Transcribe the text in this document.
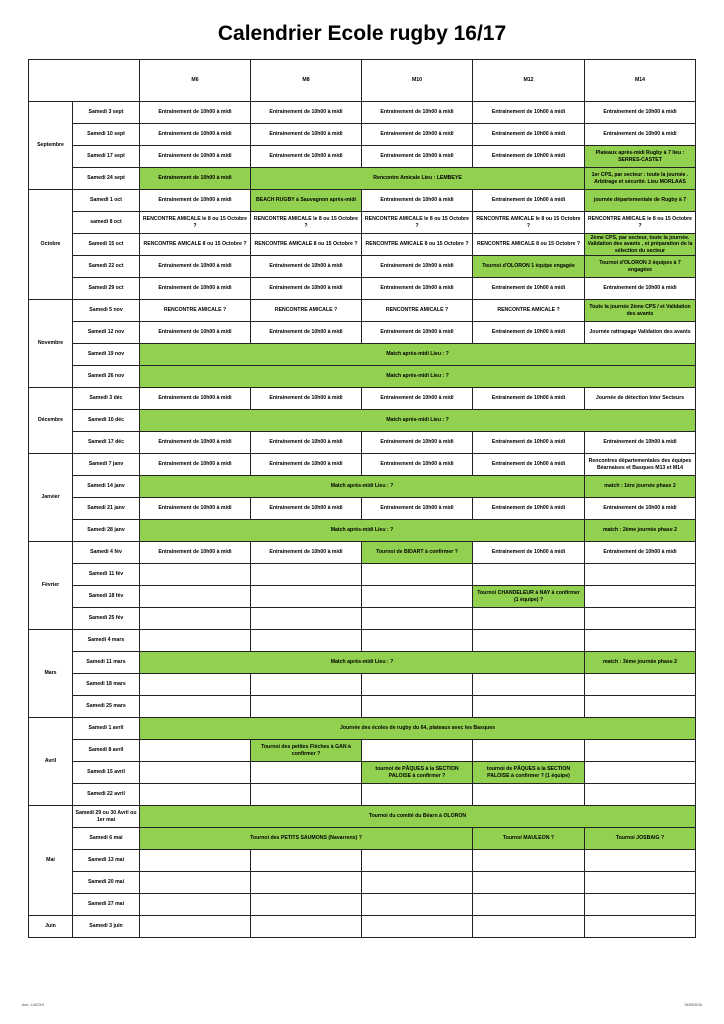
Calendrier Ecole rugby 16/17
		M6	M8	M10	M12	M14
Septembre	Samedi 3 sept	Entrainement de 10h00 à midi	Entrainement de 10h00 à midi	Entrainement de 10h00 à midi	Entrainement de 10h00 à midi	Entrainement de 10h00 à midi
	Samedi 10 sept	Entrainement de 10h00 à midi	Entrainement de 10h00 à midi	Entrainement de 10h00 à midi	Entrainement de 10h00 à midi	Entrainement de 10h00 à midi
	Samedi 17 sept	Entrainement de 10h00 à midi	Entrainement de 10h00 à midi	Entrainement de 10h00 à midi	Entrainement de 10h00 à midi	Plateaux après-midi Rugby à 7 lieu : SERRES-CASTET
	Samedi 24 sept	Entrainement de 10h00 à midi	Rencontre Amicale Lieu : LEMBEYE			1er CPS, par secteur : toute la journée . Arbitrage et sécurité. Lieu MORLAAS
Octobre	Samedi 1 oct	Entrainement de 10h00 à midi	BEACH RUGBY à Sauvagnon après-midi	Entrainement de 10h00 à midi	Entrainement de 10h00 à midi	journée départementale de Rugby à 7
	samedi 8 oct	RENCONTRE AMICALE le 8 ou 15 Octobre ?	RENCONTRE AMICALE le 8 ou 15 Octobre ?	RENCONTRE AMICALE le 8 ou 15 Octobre ?	RENCONTRE AMICALE le 8 ou 15 Octobre ?	RENCONTRE AMICALE le 8 ou 15 Octobre ?
	Samedi 15 oct	RENCONTRE AMICALE 8 ou 15 Octobre ?	RENCONTRE AMICALE 8 ou 15 Octobre ?	RENCONTRE AMICALE 8 ou 15 Octobre ?	RENCONTRE AMICALE 8 ou 15 Octobre ?	2ème CPS, par secteur, toute la journée. Validation des avants , et préparation de la sélection du secteur
	Samedi 22 oct	Entrainement de 10h00 à midi	Entrainement de 10h00 à midi	Entrainement de 10h00 à midi	Tournoi d'OLORON 1 équipe engagée	Tournoi d'OLORON 2 équipes à 7 engagées
	Samedi 29 oct	Entrainement de 10h00 à midi	Entrainement de 10h00 à midi	Entrainement de 10h00 à midi	Entrainement de 10h00 à midi	Entrainement de 10h00 à midi
Novembre	Samedi 5 nov	RENCONTRE AMICALE ?	RENCONTRE AMICALE ?	RENCONTRE AMICALE ?	RENCONTRE AMICALE ?	Toute la journée 2ème CPS / et Validation des avants
	Samedi 12 nov	Entrainement de 10h00 à midi	Entrainement de 10h00 à midi	Entrainement de 10h00 à midi	Entrainement de 10h00 à midi	Journée rattrapage Validation des avants
	Samedi 19 nov	Match après-midi Lieu : ?				
	Samedi 26 nov	Match après-midi Lieu : ?				
Décembre	Samedi 3 déc	Entrainement de 10h00 à midi	Entrainement de 10h00 à midi	Entrainement de 10h00 à midi	Entrainement de 10h00 à midi	Journée de détection Inter Secteurs
	Samedi 10 déc	Match après-midi Lieu : ?				
	Samedi 17 déc	Entrainement de 10h00 à midi	Entrainement de 10h00 à midi	Entrainement de 10h00 à midi	Entrainement de 10h00 à midi	Entrainement de 10h00 à midi
Janvier	Samedi 7 janv	Entrainement de 10h00 à midi	Entrainement de 10h00 à midi	Entrainement de 10h00 à midi	Entrainement de 10h00 à midi	Rencontres départementales des équipes Béarnaises et Basques M13 et M14
	Samedi 14 janv	Match après-midi Lieu : ?				match : 1ère journée phase 2
	Samedi 21 janv	Entrainement de 10h00 à midi	Entrainement de 10h00 à midi	Entrainement de 10h00 à midi	Entrainement de 10h00 à midi	Entrainement de 10h00 à midi
	Samedi 28 janv	Match après-midi Lieu : ?				match : 2ème journée phase 2
Février	Samedi 4 fév	Entrainement de 10h00 à midi	Entrainement de 10h00 à midi	Tournoi de BIDART à confirmer ?	Entrainement de 10h00 à midi	Entrainement de 10h00 à midi
	Samedi 11 fév					
	Samedi 18 fév				Tournoi CHANDELEUR à NAY à confirmer (1 équipe) ?	
	Samedi 25 fév					
Mars	Samedi 4 mars					
	Samedi 11 mars	Match après-midi Lieu : ?				match : 3ème journée phase 2
	Samedi 18 mars					
	Samedi 25 mars					
Avril	Samedi 1 avril	Journée des écoles de rugby du 64, plateaux avec les Basques				
	Samedi 8 avril		Tournoi des petites Flèches à GAN à confirmer ?			
	Samedi 15 avril			tournoi de PÂQUES à la SECTION PALOISE à confirmer ?	tournoi de PÂQUES à la SECTION PALOISE à confirmer ? (1 équipe)	
	Samedi 22 avril					
Mai	Samedi 29 ou 30 Avril ou 1er mai	Tournoi du comité du Béarn à OLORON				
	Samedi 6 mai	Tournoi des PETITS SAUMONS (Navarrenx) ?			Tournoi MAULEON ?	Tournoi JOSBAIG ?
	Samedi 13 mai					
	Samedi 20 mai					
	Samedi 27 mai					
Juin	Samedi 3 juin					
Ann.: LMC001	24/09/2016
